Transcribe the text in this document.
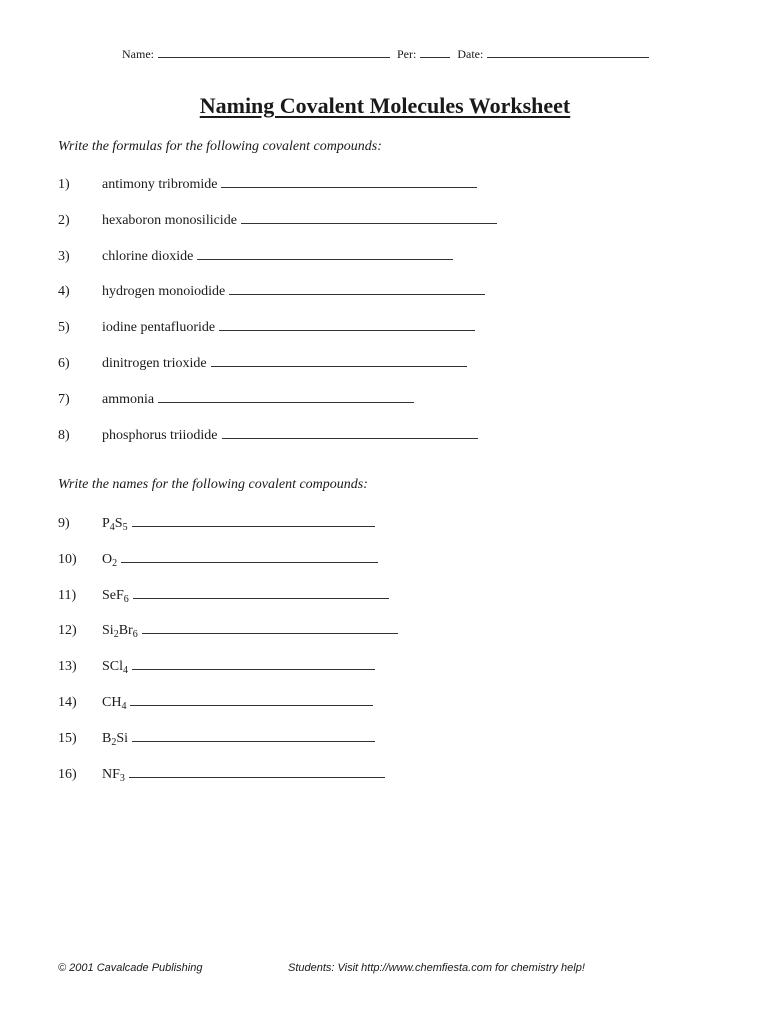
Name:	Per:	Date:
Naming Covalent Molecules Worksheet
Write the formulas for the following covalent compounds:
1) antimony tribromide
2) hexaboron monosilicide
3) chlorine dioxide
4) hydrogen monoiodide
5) iodine pentafluoride
6) dinitrogen trioxide
7) ammonia
8) phosphorus triiodide
Write the names for the following covalent compounds:
9) $P_4S_5$
10) $O_2$
11) SeF$_6$
12) $Si_2Br_6$
13) SCl$_4$
14) $CH_4$
15) $B_2Si$
16) $NF_3$
© 2001 Cavalcade Publishing	Students: Visit http://www.chemfiesta.com for chemistry help!
